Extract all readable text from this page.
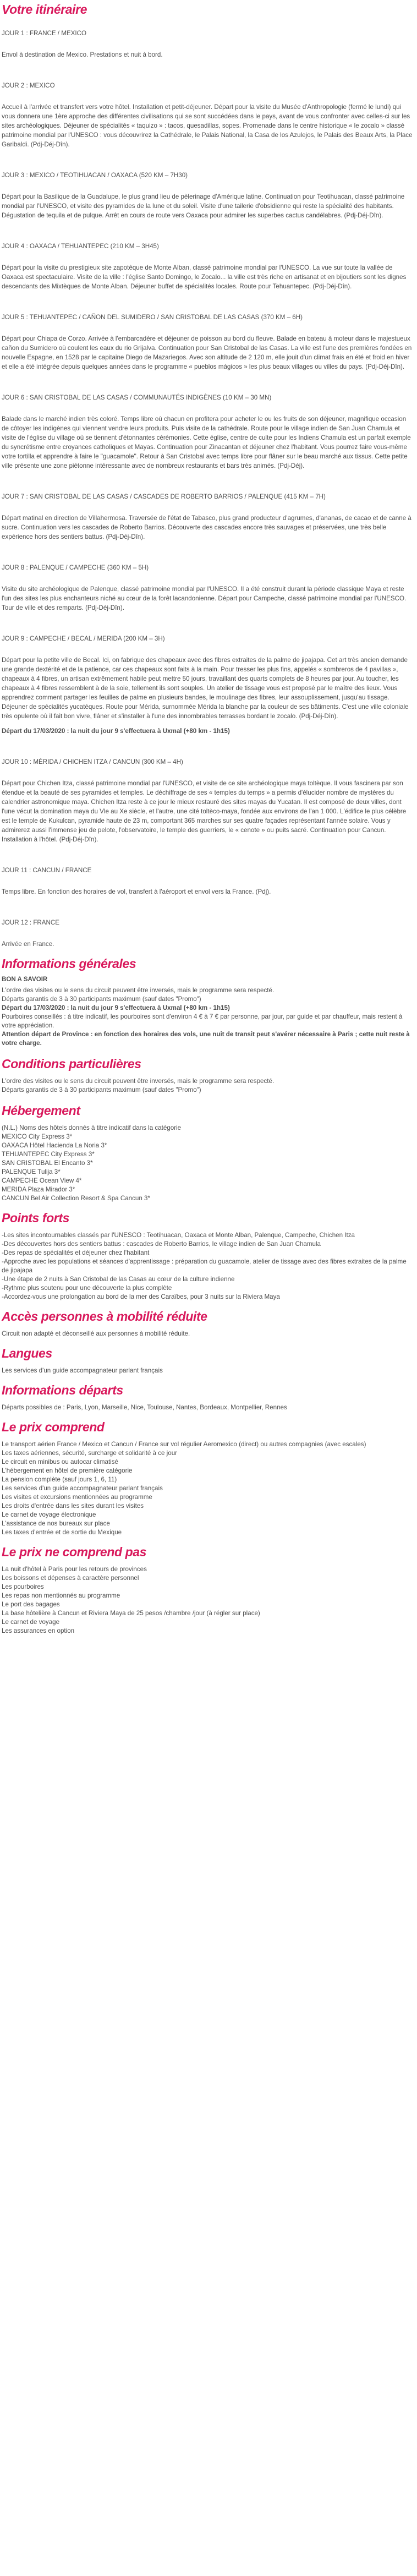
Votre itinéraire

JOUR 1 : FRANCE / MEXICO

Envol à destination de Mexico. Prestations et nuit à bord.

JOUR 2 : MEXICO

Accueil à l'arrivée et transfert vers votre hôtel. Installation et petit-déjeuner. Départ pour la visite du Musée d'Anthropologie (fermé le lundi) qui vous donnera une 1ère approche des différentes civilisations qui se sont succédées dans le pays, avant de vous confronter avec celles-ci sur les sites archéologiques. Déjeuner de spécialités « taquizo » : tacos, quesadillas, sopes. Promenade dans le centre historique « le zocalo » classé patrimoine mondial par l'UNESCO : vous découvrirez la Cathédrale, le Palais National, la Casa de los Azulejos, le Palais des Beaux Arts, la Place Garibaldi. (Pdj-Déj-Dîn).

JOUR 3 : MEXICO / TEOTIHUACAN / OAXACA (520 KM – 7H30)

Départ pour la Basilique de la Guadalupe, le plus grand lieu de pèlerinage d'Amérique latine. Continuation pour Teotihuacan, classé patrimoine mondial par l'UNESCO, et visite des pyramides de la lune et du soleil. Visite d'une tailerie d'obsidienne qui reste la spécialité des habitants. Dégustation de tequila et de pulque. Arrêt en cours de route vers Oaxaca pour admirer les superbes cactus candélabres. (Pdj-Déj-Dîn).

JOUR 4 : OAXACA / TEHUANTEPEC (210 KM – 3H45)

Départ pour la visite du prestigieux site zapotèque de Monte Alban, classé patrimoine mondial par l'UNESCO. La vue sur toute la vallée de Oaxaca est spectaculaire. Visite de la ville : l'église Santo Domingo, le Zocalo... la ville est très riche en artisanat et en bijoutiers sont les dignes descendants des Mixtèques de Monte Alban. Déjeuner buffet de spécialités locales. Route pour Tehuantepec. (Pdj-Déj-Dîn).

JOUR 5 : TEHUANTEPEC / CAÑON DEL SUMIDERO / SAN CRISTOBAL DE LAS CASAS (370 KM – 6H)

Départ pour Chiapa de Corzo. Arrivée à l'embarcadère et déjeuner de poisson au bord du fleuve. Balade en bateau à moteur dans le majestueux cañon du Sumidero où coulent les eaux du rio Grijalva. Continuation pour San Cristobal de las Casas. La ville est l'une des premières fondées en nouvelle Espagne, en 1528 par le capitaine Diego de Mazariegos. Avec son altitude de 2 120 m, elle jouit d'un climat frais en été et froid en hiver et elle a été intégrée depuis quelques années dans le programme « pueblos mágicos » les plus beaux villages ou villes du pays. (Pdj-Déj-Dîn).

JOUR 6 : SAN CRISTOBAL DE LAS CASAS / COMMUNAUTÉS INDIGÈNES (10 KM – 30 MN)

Balade dans le marché indien très coloré. Temps libre où chacun en profitera pour acheter le ou les fruits de son déjeuner, magnifique occasion de côtoyer les indigènes qui viennent vendre leurs produits. Puis visite de la cathédrale. Route pour le village indien de San Juan Chamula et visite de l'église du village où se tiennent d'étonnantes cérémonies. Cette église, centre de culte pour les Indiens Chamula est un parfait exemple du syncrétisme entre croyances catholiques et Mayas. Continuation pour Zinacantan et déjeuner chez l'habitant. Vous pourrez faire vous-même votre tortilla et apprendre à faire le "guacamole". Retour à San Cristobal avec temps libre pour flâner sur le beau marché aux tissus. Cette petite ville présente une zone piétonne intéressante avec de nombreux restaurants et bars très animés. (Pdj-Déj).

JOUR 7 : SAN CRISTOBAL DE LAS CASAS / CASCADES DE ROBERTO BARRIOS / PALENQUE (415 KM – 7H)

Départ matinal en direction de Villahermosa. Traversée de l'état de Tabasco, plus grand producteur d'agrumes, d'ananas, de cacao et de canne à sucre. Continuation vers les cascades de Roberto Barrios. Découverte des cascades encore très sauvages et préservées, une très belle expérience hors des sentiers battus. (Pdj-Déj-Dîn).

JOUR 8 : PALENQUE / CAMPECHE (360 KM – 5H)

Visite du site archéologique de Palenque, classé patrimoine mondial par l'UNESCO. Il a été construit durant la période classique Maya et reste l'un des sites les plus enchanteurs niché au cœur de la forêt lacandonienne. Départ pour Campeche, classé patrimoine mondial par l'UNESCO. Tour de ville et des remparts. (Pdj-Déj-Dîn).

JOUR 9 : CAMPECHE / BECAL / MERIDA (200 KM – 3H)

Départ pour la petite ville de Becal. Ici, on fabrique des chapeaux avec des fibres extraites de la palme de jipajapa. Cet art très ancien demande une grande dextérité et de la patience, car ces chapeaux sont faits à la main. Pour tresser les plus fins, appelés « sombreros de 4 pavillas », chapeaux à 4 fibres, un artisan extrêmement habile peut mettre 50 jours, travaillant des quarts complets de 8 heures par jour. Au toucher, les chapeaux à 4 fibres ressemblent à de la soie, tellement ils sont souples. Un atelier de tissage vous est proposé par le maître des lieux. Vous apprendrez comment partager les feuilles de palme en plusieurs bandes, le moulinage des fibres, leur assouplissement, jusqu'au tissage. Déjeuner de spécialités yucatèques. Route pour Mérida, surnommée Mérida la blanche par la couleur de ses bâtiments. C'est une ville coloniale très opulente où il fait bon vivre, flâner et s'installer à l'une des innombrables terrasses bordant le zocalo. (Pdj-Déj-Dîn).

Départ du 17/03/2020 : la nuit du jour 9 s'effectuera à Uxmal (+80 km - 1h15)

JOUR 10 : MÉRIDA / CHICHEN ITZA / CANCUN (300 KM – 4H)

Départ pour Chichen Itza, classé patrimoine mondial par l'UNESCO, et visite de ce site archéologique maya toltèque. Il vous fascinera par son étendue et la beauté de ses pyramides et temples. Le déchiffrage de ses « temples du temps » a permis d'élucider nombre de mystères du calendrier astronomique maya. Chichen Itza reste à ce jour le mieux restauré des sites mayas du Yucatan. Il est composé de deux villes, dont l'une vécut la domination maya du Vle au Xe siècle, et l'autre, une cité toltèco-maya, fondée aux environs de l'an 1 000. L'édifice le plus célèbre est le temple de Kukulcan, pyramide haute de 23 m, comportant 365 marches sur ses quatre façades représentant l'année solaire. Vous y admirerez aussi l'immense jeu de pelote, l'observatoire, le temple des guerriers, le « cenote » ou puits sacré. Continuation pour Cancun. Installation à l'hôtel. (Pdj-Déj-Dîn).

JOUR 11 : CANCUN / FRANCE

Temps libre. En fonction des horaires de vol, transfert à l'aéroport et envol vers la France. (Pdj).

JOUR 12 : FRANCE

Arrivée en France.

Informations générales

BON A SAVOIR

L'ordre des visites ou le sens du circuit peuvent être inversés, mais le programme sera respecté.

Départs garantis de 3 à 30 participants maximum (sauf dates "Promo")

Départ du 17/03/2020 : la nuit du jour 9 s'effectuera à Uxmal (+80 km - 1h15)

Pourboires conseillés : à titre indicatif, les pourboires sont d'environ 4 € à 7 € par personne, par jour, par guide et par chauffeur, mais restent à votre appréciation.

Attention départ de Province : en fonction des horaires des vols, une nuit de transit peut s'avérer nécessaire à Paris ; cette nuit reste à votre charge.

Conditions particulières

L'ordre des visites ou le sens du circuit peuvent être inversés, mais le programme sera respecté.

Départs garantis de 3 à 30 participants maximum (sauf dates "Promo")

Hébergement
(N.L.) Noms des hôtels donnés à titre indicatif dans la catégorie
MEXICO City Express 3*
OAXACA Hôtel Hacienda La Noria 3*
TEHUANTEPEC City Express 3*
SAN CRISTOBAL El Encanto 3*
PALENQUE Tulija 3*
CAMPECHE Ocean View 4*
MERIDA Plaza Mirador 3*
CANCUN Bel Air Collection Resort & Spa Cancun 3*
Points forts
-Les sites incontournables classés par l'UNESCO : Teotihuacan, Oaxaca et Monte Alban, Palenque, Campeche, Chichen Itza
-Des découvertes hors des sentiers battus : cascades de Roberto Barrios, le village indien de San Juan Chamula
-Des repas de spécialités et déjeuner chez l'habitant
-Approche avec les populations et séances d'apprentissage : préparation du guacamole, atelier de tissage avec des fibres extraites de la palme de jipajapa
-Une étape de 2 nuits à San Cristobal de las Casas au cœur de la culture indienne
-Rythme plus soutenu pour une découverte la plus complète
-Accordez-vous une prolongation au bord de la mer des Caraïbes, pour 3 nuits sur la Riviera Maya
Accès personnes à mobilité réduite

Circuit non adapté et déconseillé aux personnes à mobilité réduite.

Langues

Les services d'un guide accompagnateur parlant français

Informations départs

Départs possibles de : Paris, Lyon, Marseille, Nice, Toulouse, Nantes, Bordeaux, Montpellier, Rennes

Le prix comprend
Le transport aérien France / Mexico et Cancun / France sur vol régulier Aeromexico (direct) ou autres compagnies (avec escales)
Les taxes aériennes, sécurité, surcharge et solidarité à ce jour
Le circuit en minibus ou autocar climatisé
L'hébergement en hôtel de première catégorie
La pension complète (sauf jours 1, 6, 11)
Les services d'un guide accompagnateur parlant français
Les visites et excursions mentionnées au programme
Les droits d'entrée dans les sites durant les visites
Le carnet de voyage électronique
L'assistance de nos bureaux sur place
Les taxes d'entrée et de sortie du Mexique
Le prix ne comprend pas
La nuit d'hôtel à Paris pour les retours de provinces
Les boissons et dépenses à caractère personnel
Les pourboires
Les repas non mentionnés au programme
Le port des bagages
La base hôtelière à Cancun et Riviera Maya de 25 pesos /chambre /jour (à régler sur place)
Le carnet de voyage
Les assurances en option
